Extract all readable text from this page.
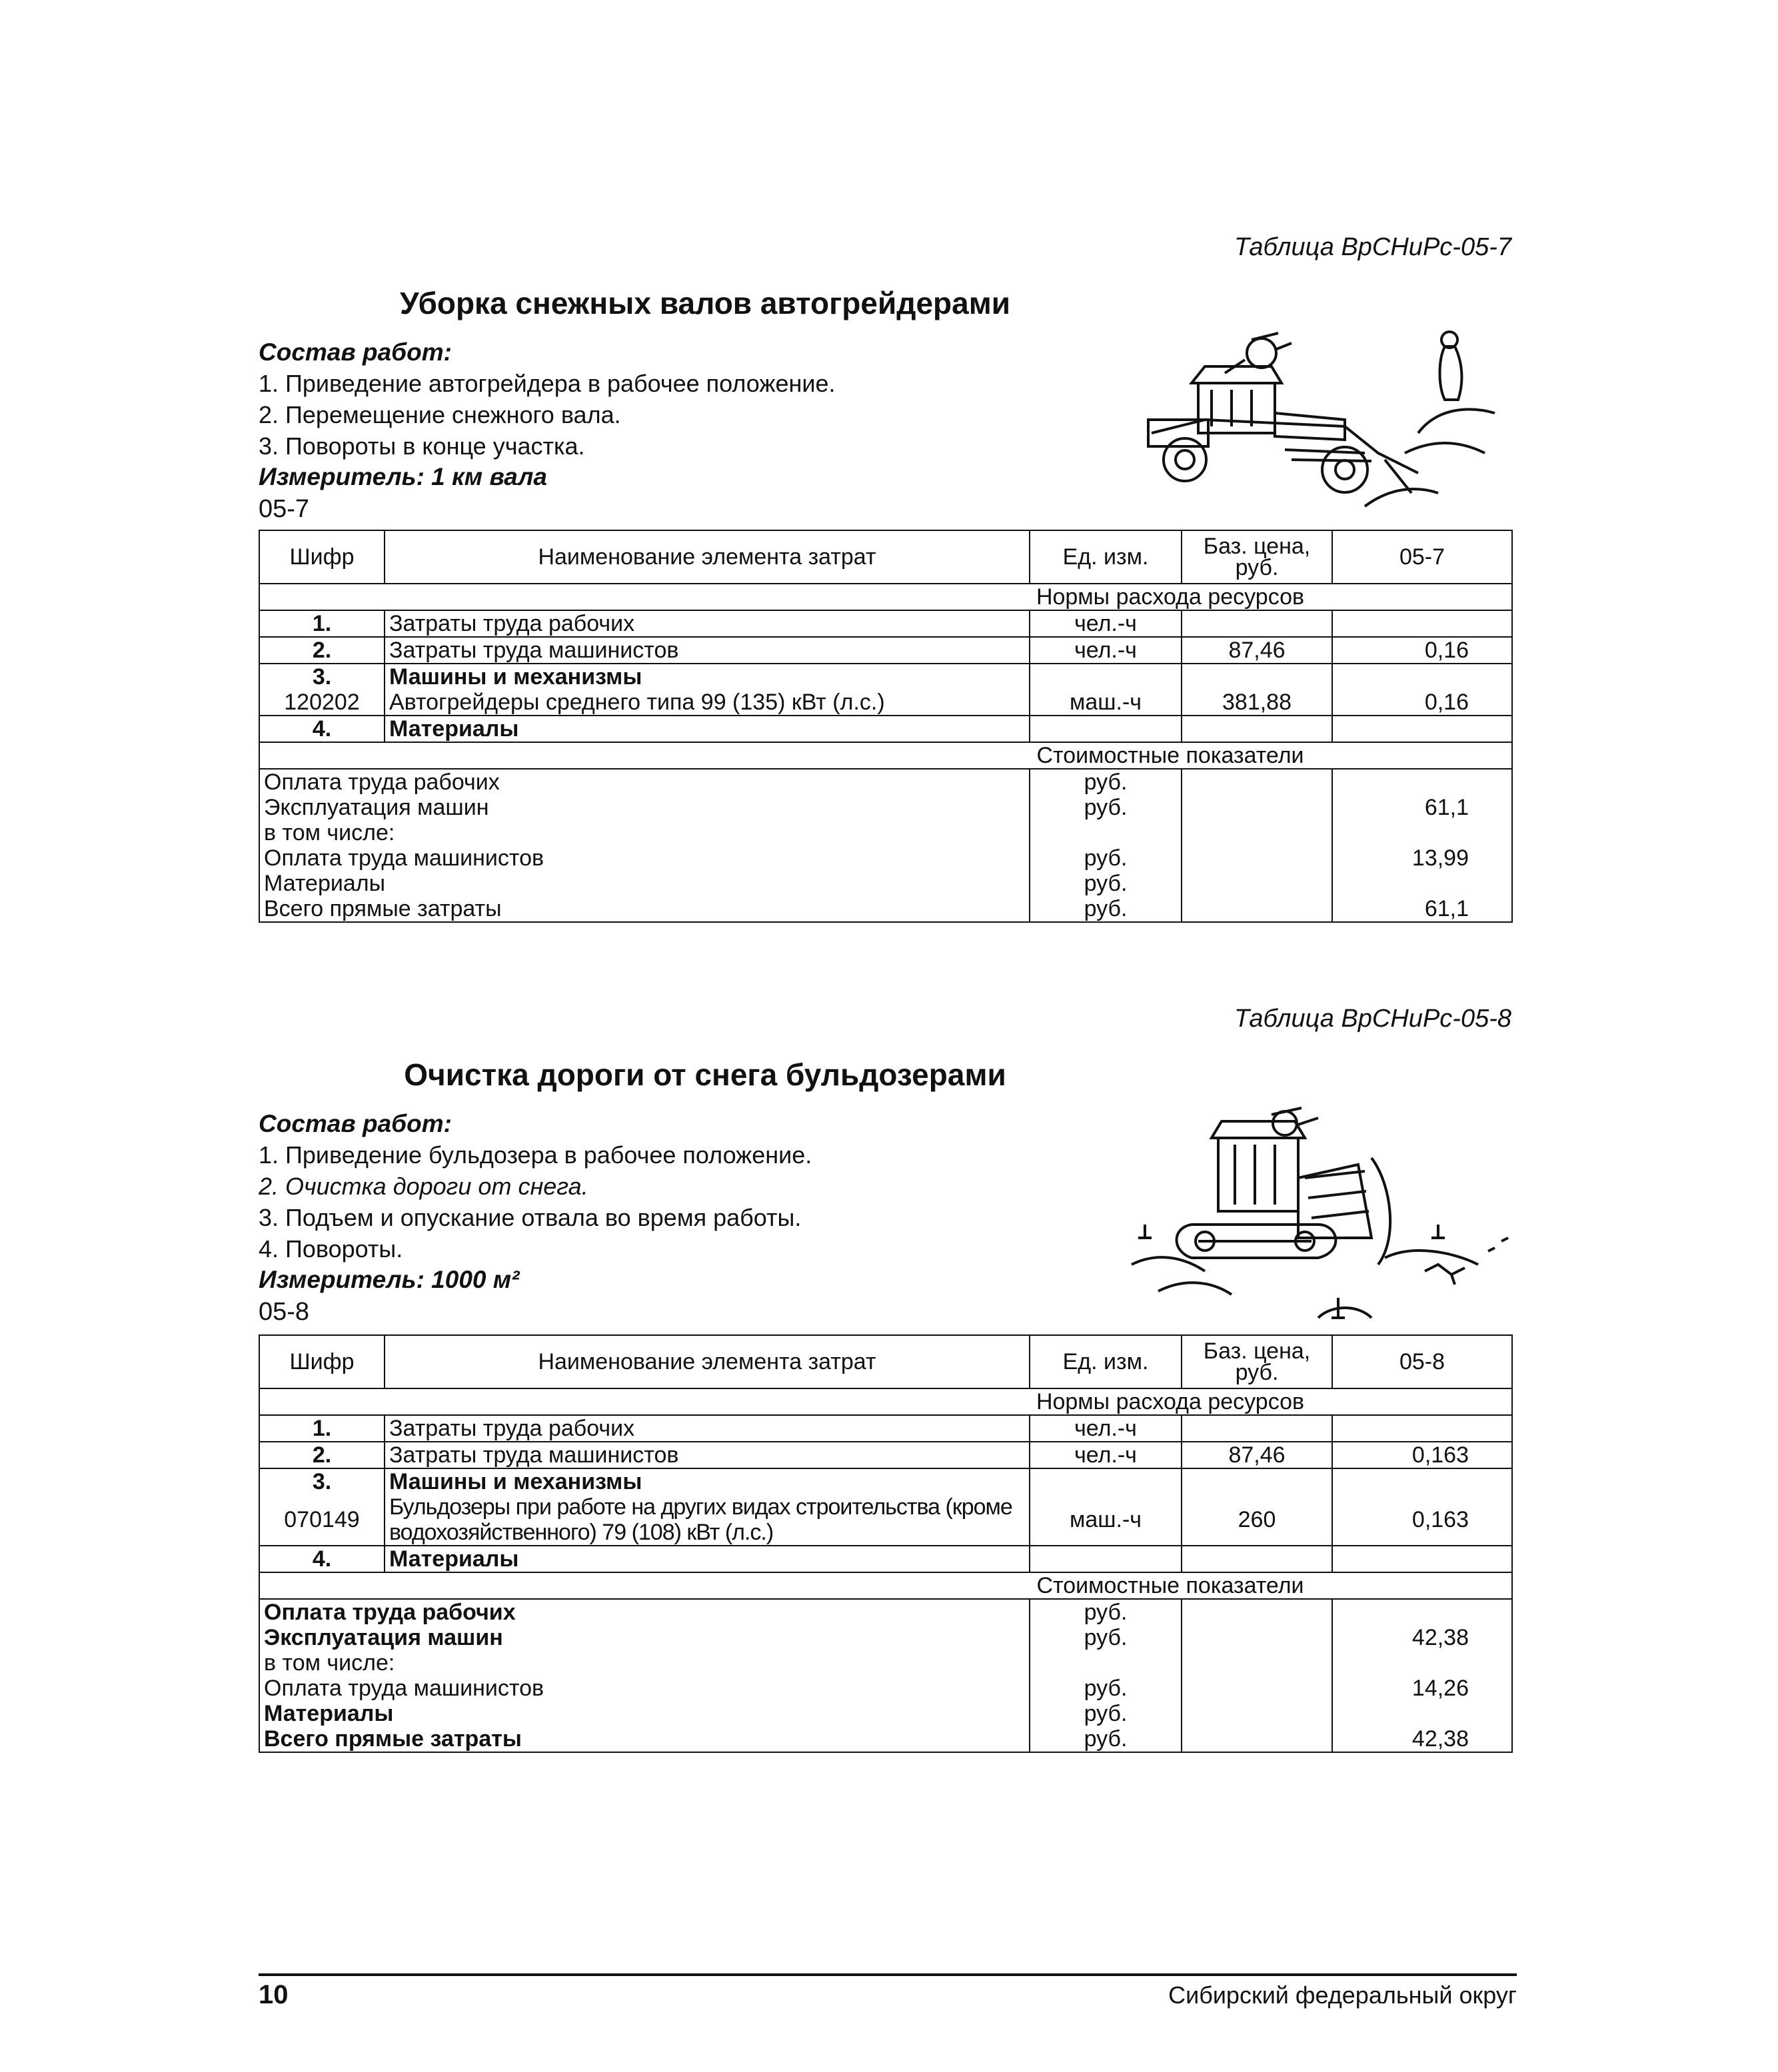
Таблица ВрСНиРс-05-7
Уборка снежных валов автогрейдерами
Состав работ:
1. Приведение автогрейдера в рабочее положение.
2. Перемещение снежного вала.
3. Повороты в конце участка.
Измеритель: 1 км вала
05-7
Шифр	Наименование элемента затрат	Ед. изм.	Баз. цена, руб.	05-7
Нормы расхода ресурсов				
1.	Затраты труда рабочих	чел.-ч		
2.	Затраты труда машинистов	чел.-ч	87,46	0,16
3.	Машины и механизмы			
120202	Автогрейдеры среднего типа 99 (135) кВт (л.с.)	маш.-ч	381,88	0,16
4.	Материалы			
Стоимостные показатели				
Оплата труда рабочих		руб.		
Эксплуатация машин		руб.		61,1
в том числе:				
Оплата труда машинистов		руб.		13,99
Материалы		руб.		
Всего прямые затраты		руб.		61,1
Таблица ВрСНиРс-05-8
Очистка дороги от снега бульдозерами
Состав работ:
1. Приведение бульдозера в рабочее положение.
2. Очистка дороги от снега.
3. Подъем и опускание отвала во время работы.
4. Повороты.
Измеритель: 1000 м²
05-8
Шифр	Наименование элемента затрат	Ед. изм.	Баз. цена, руб.	05-8
Нормы расхода ресурсов				
1.	Затраты труда рабочих	чел.-ч		
2.	Затраты труда машинистов	чел.-ч	87,46	0,163
3.	Машины и механизмы			
070149	Бульдозеры при работе на других видах строительства (кроме водохозяйственного) 79 (108) кВт (л.с.)	маш.-ч	260	0,163
4.	Материалы			
Стоимостные показатели				
Оплата труда рабочих		руб.		
Эксплуатация машин		руб.		42,38
в том числе:				
Оплата труда машинистов		руб.		14,26
Материалы		руб.		
Всего прямые затраты		руб.		42,38
10	Сибирский федеральный округ
